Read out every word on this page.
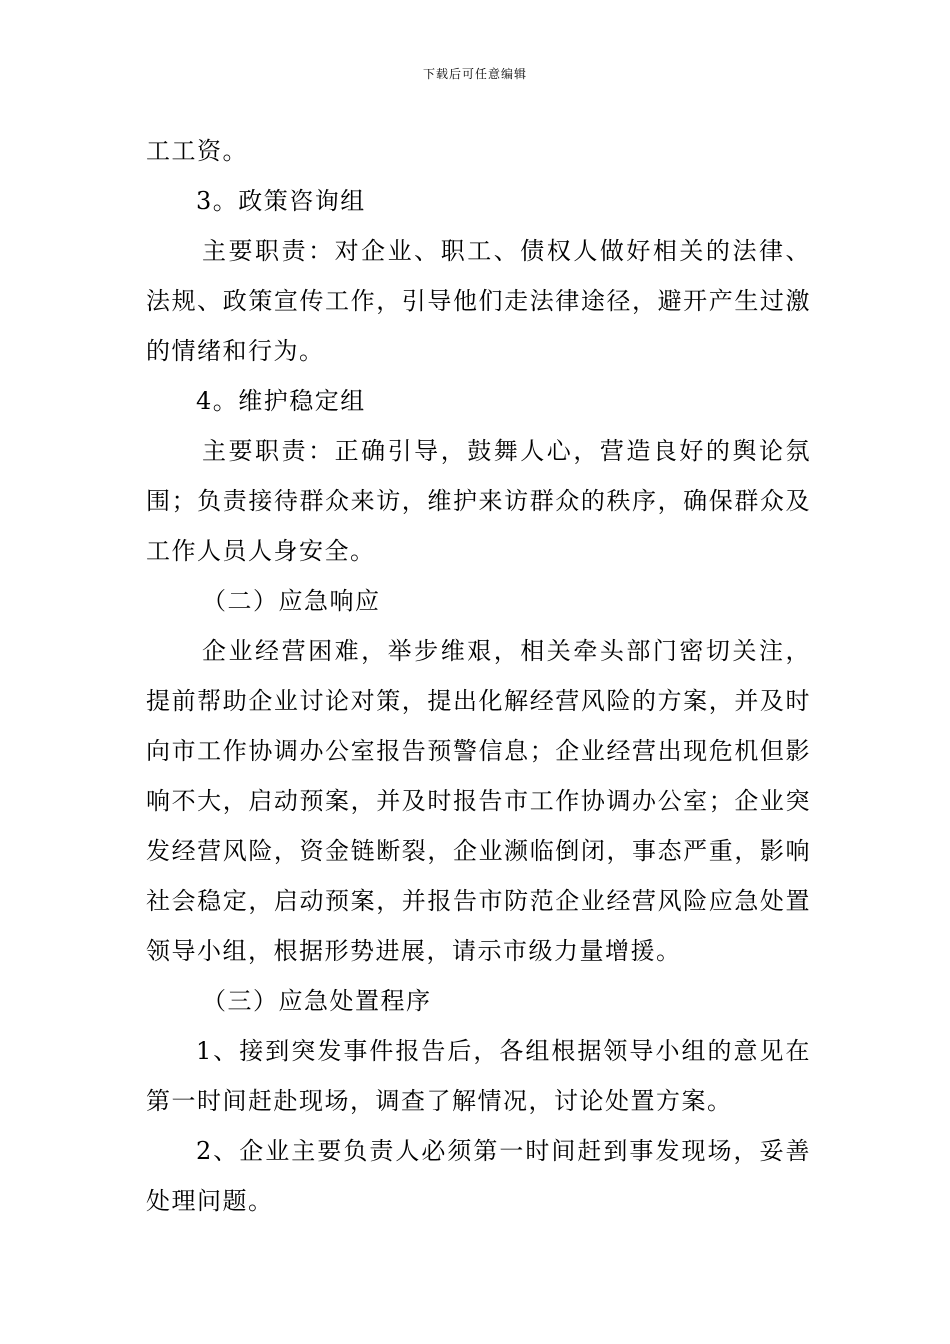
下载后可任意编辑

工工资。

3。政策咨询组

主要职责：对企业、职工、债权人做好相关的法律、法规、政策宣传工作，引导他们走法律途径，避开产生过激的情绪和行为。

4。维护稳定组

主要职责：正确引导，鼓舞人心，营造良好的舆论氛围；负责接待群众来访，维护来访群众的秩序，确保群众及工作人员人身安全。

（二）应急响应

企业经营困难，举步维艰，相关牵头部门密切关注，提前帮助企业讨论对策，提出化解经营风险的方案，并及时向市工作协调办公室报告预警信息；企业经营出现危机但影响不大，启动预案，并及时报告市工作协调办公室；企业突发经营风险，资金链断裂，企业濒临倒闭，事态严重，影响社会稳定，启动预案，并报告市防范企业经营风险应急处置领导小组，根据形势进展，请示市级力量增援。

（三）应急处置程序

1、接到突发事件报告后，各组根据领导小组的意见在第一时间赶赴现场，调查了解情况，讨论处置方案。

2、企业主要负责人必须第一时间赶到事发现场，妥善处理问题。
